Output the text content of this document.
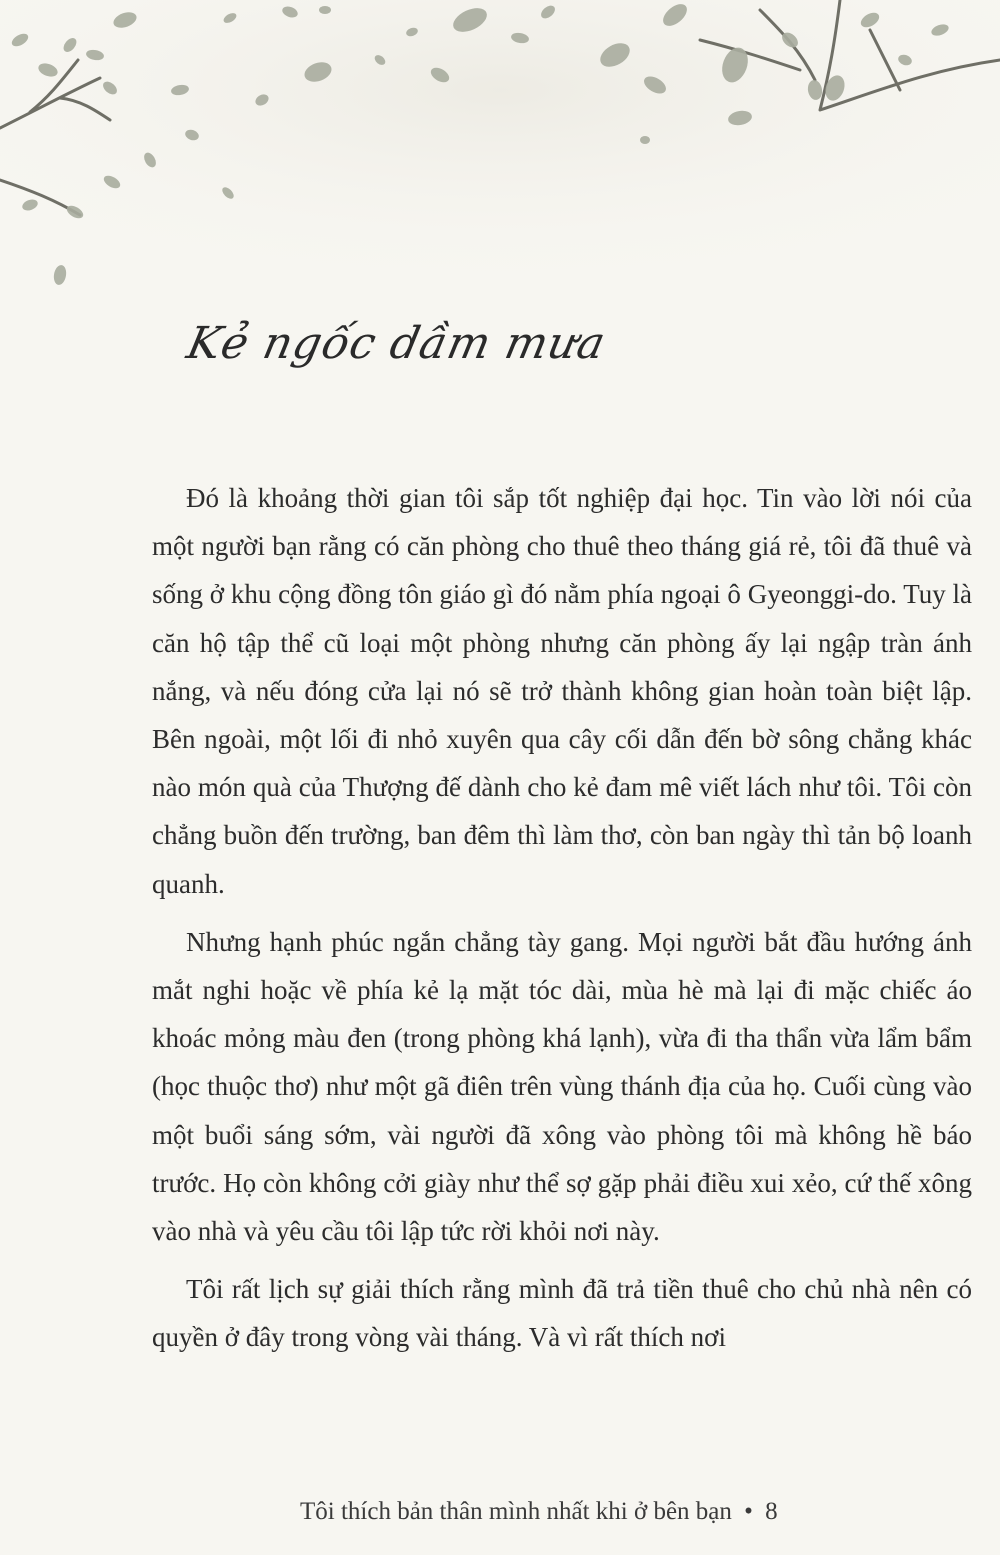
Kẻ ngốc dầm mưa

Đó là khoảng thời gian tôi sắp tốt nghiệp đại học. Tin vào lời nói của một người bạn rằng có căn phòng cho thuê theo tháng giá rẻ, tôi đã thuê và sống ở khu cộng đồng tôn giáo gì đó nằm phía ngoại ô Gyeonggi-do. Tuy là căn hộ tập thể cũ loại một phòng nhưng căn phòng ấy lại ngập tràn ánh nắng, và nếu đóng cửa lại nó sẽ trở thành không gian hoàn toàn biệt lập. Bên ngoài, một lối đi nhỏ xuyên qua cây cối dẫn đến bờ sông chẳng khác nào món quà của Thượng đế dành cho kẻ đam mê viết lách như tôi. Tôi còn chẳng buồn đến trường, ban đêm thì làm thơ, còn ban ngày thì tản bộ loanh quanh.

Nhưng hạnh phúc ngắn chẳng tày gang. Mọi người bắt đầu hướng ánh mắt nghi hoặc về phía kẻ lạ mặt tóc dài, mùa hè mà lại đi mặc chiếc áo khoác mỏng màu đen (trong phòng khá lạnh), vừa đi tha thẩn vừa lẩm bẩm (học thuộc thơ) như một gã điên trên vùng thánh địa của họ. Cuối cùng vào một buổi sáng sớm, vài người đã xông vào phòng tôi mà không hề báo trước. Họ còn không cởi giày như thể sợ gặp phải điều xui xẻo, cứ thế xông vào nhà và yêu cầu tôi lập tức rời khỏi nơi này.

Tôi rất lịch sự giải thích rằng mình đã trả tiền thuê cho chủ nhà nên có quyền ở đây trong vòng vài tháng. Và vì rất thích nơi

Tôi thích bản thân mình nhất khi ở bên bạn • 8
